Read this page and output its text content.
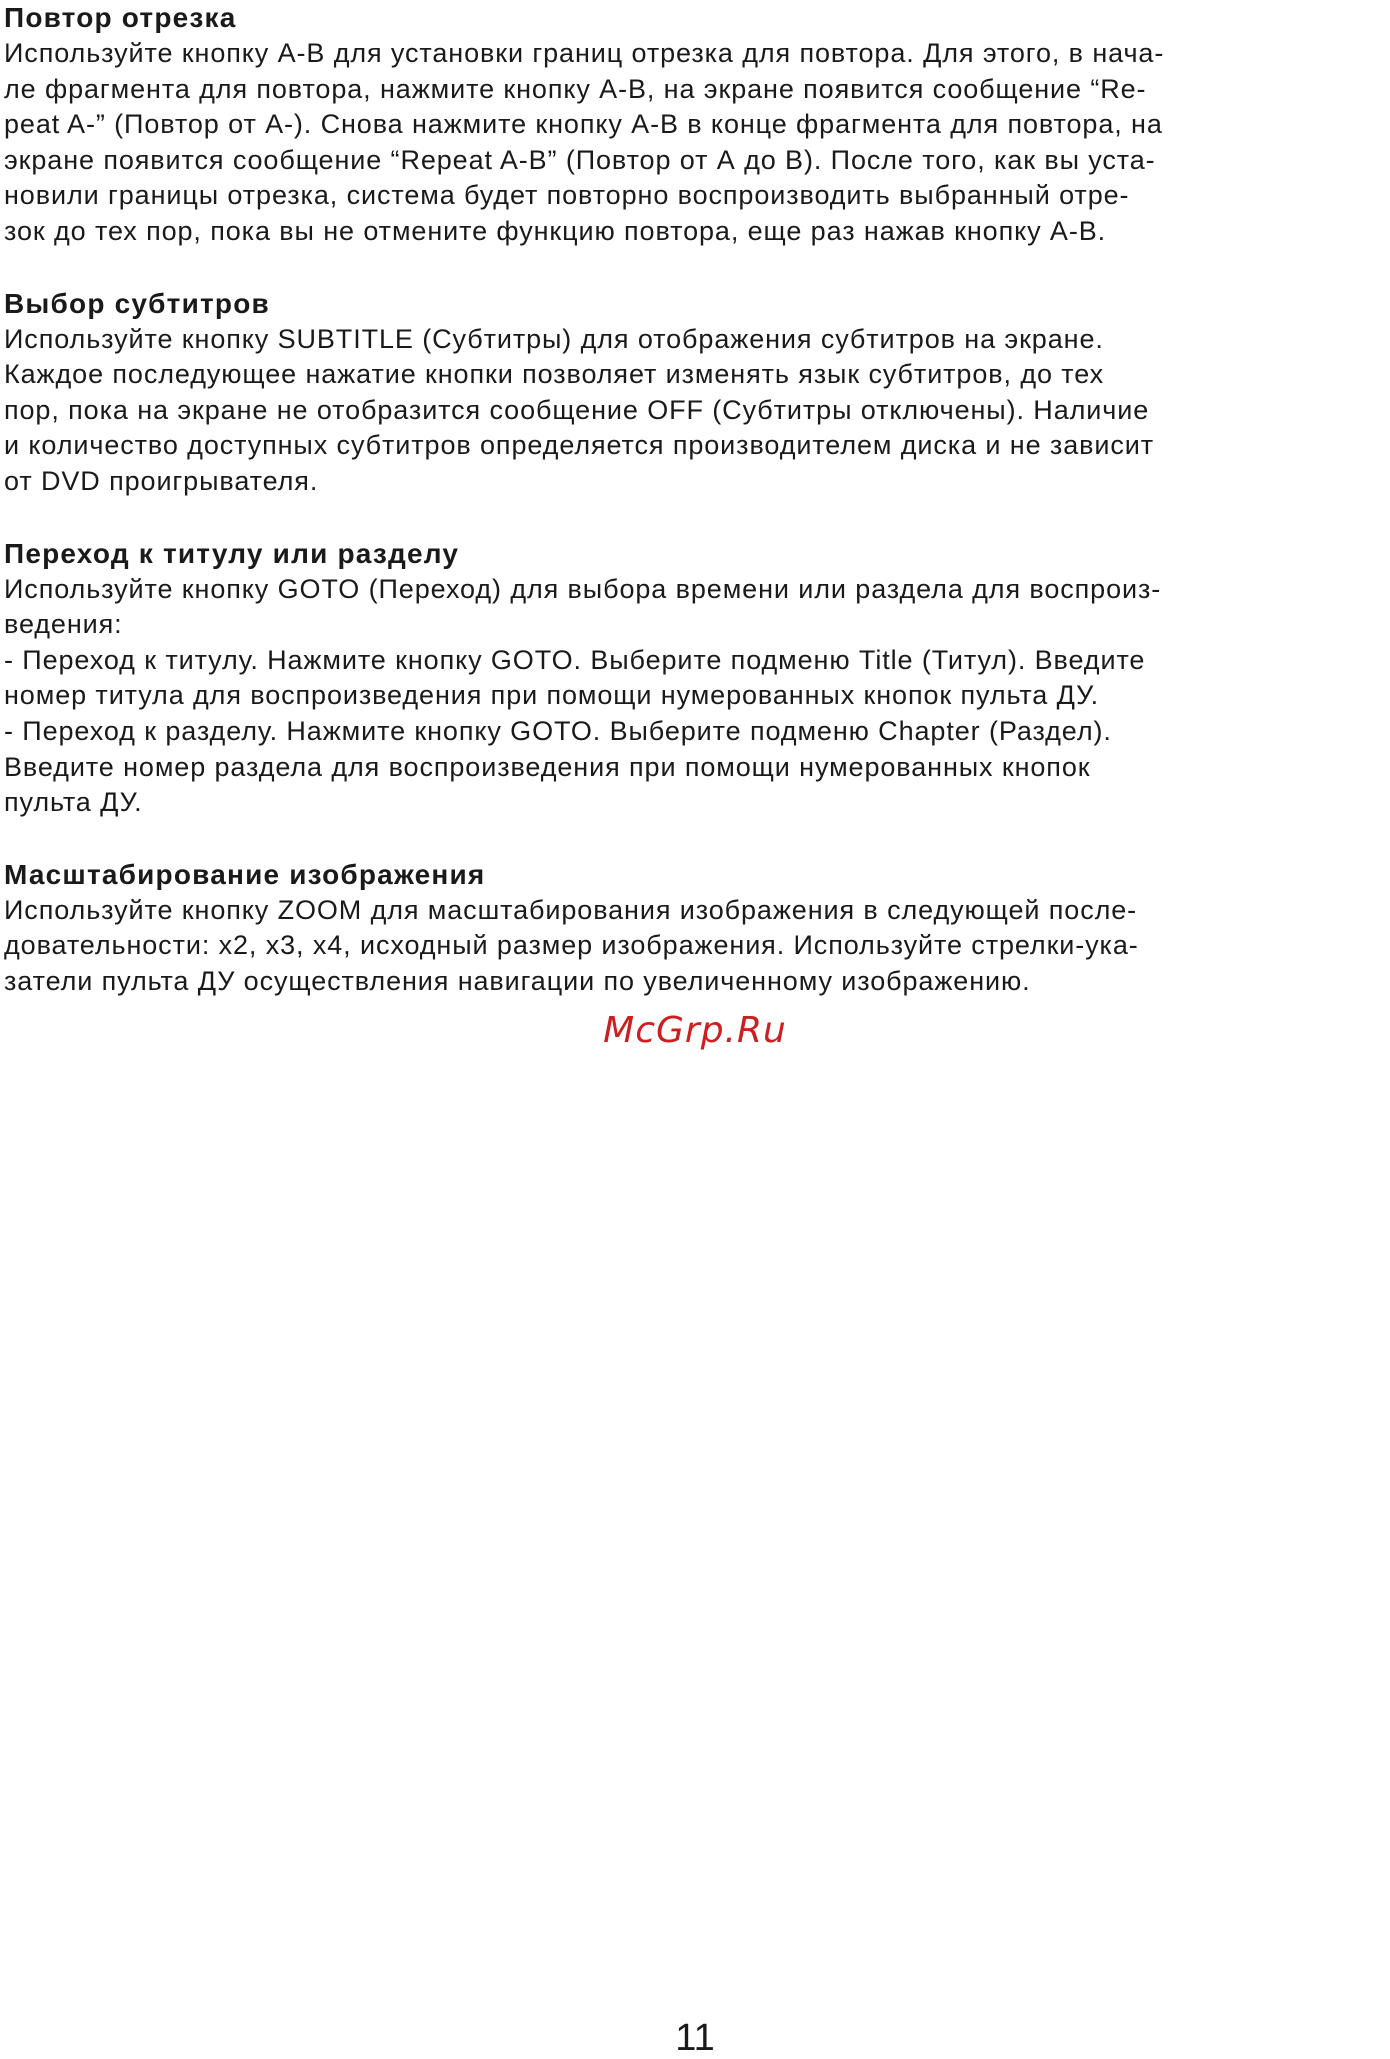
Повтор отрезка

Используйте кнопку А-В для установки границ отрезка для повтора. Для этого, в нача-

ле фрагмента для повтора, нажмите кнопку А-В, на экране появится сообщение “Re-

peat A-” (Повтор от А-). Снова нажмите кнопку А-В в конце фрагмента для повтора, на

экране появится сообщение “Repeat A-B” (Повтор от А до В). После того, как вы уста-

новили границы отрезка, система будет повторно воспроизводить выбранный отре-

зок до тех пор, пока вы не отмените функцию повтора, еще раз нажав кнопку А-В.

Выбор субтитров

Используйте кнопку SUBTITLE (Субтитры) для отображения субтитров на экране.

Каждое последующее нажатие кнопки позволяет изменять язык субтитров, до тех

пор, пока на экране не отобразится сообщение OFF (Субтитры отключены). Наличие

и количество доступных субтитров определяется производителем диска и не зависит

от DVD проигрывателя.

Переход к титулу или разделу

Используйте кнопку GOTO (Переход) для выбора времени или раздела для воспроиз-

ведения:

- Переход к титулу. Нажмите кнопку GOTO. Выберите подменю Title (Титул). Введите

номер титула для воспроизведения при помощи нумерованных кнопок пульта ДУ.

- Переход к разделу. Нажмите кнопку GOTO. Выберите подменю Chapter (Раздел).

Введите номер раздела для воспроизведения при помощи нумерованных кнопок

пульта ДУ.

Масштабирование изображения

Используйте кнопку ZOOM для масштабирования изображения в следующей после-

довательности: x2, x3, x4, исходный размер изображения. Используйте стрелки-ука-

затели пульта ДУ осуществления навигации по увеличенному изображению.

McGrp.Ru
11
